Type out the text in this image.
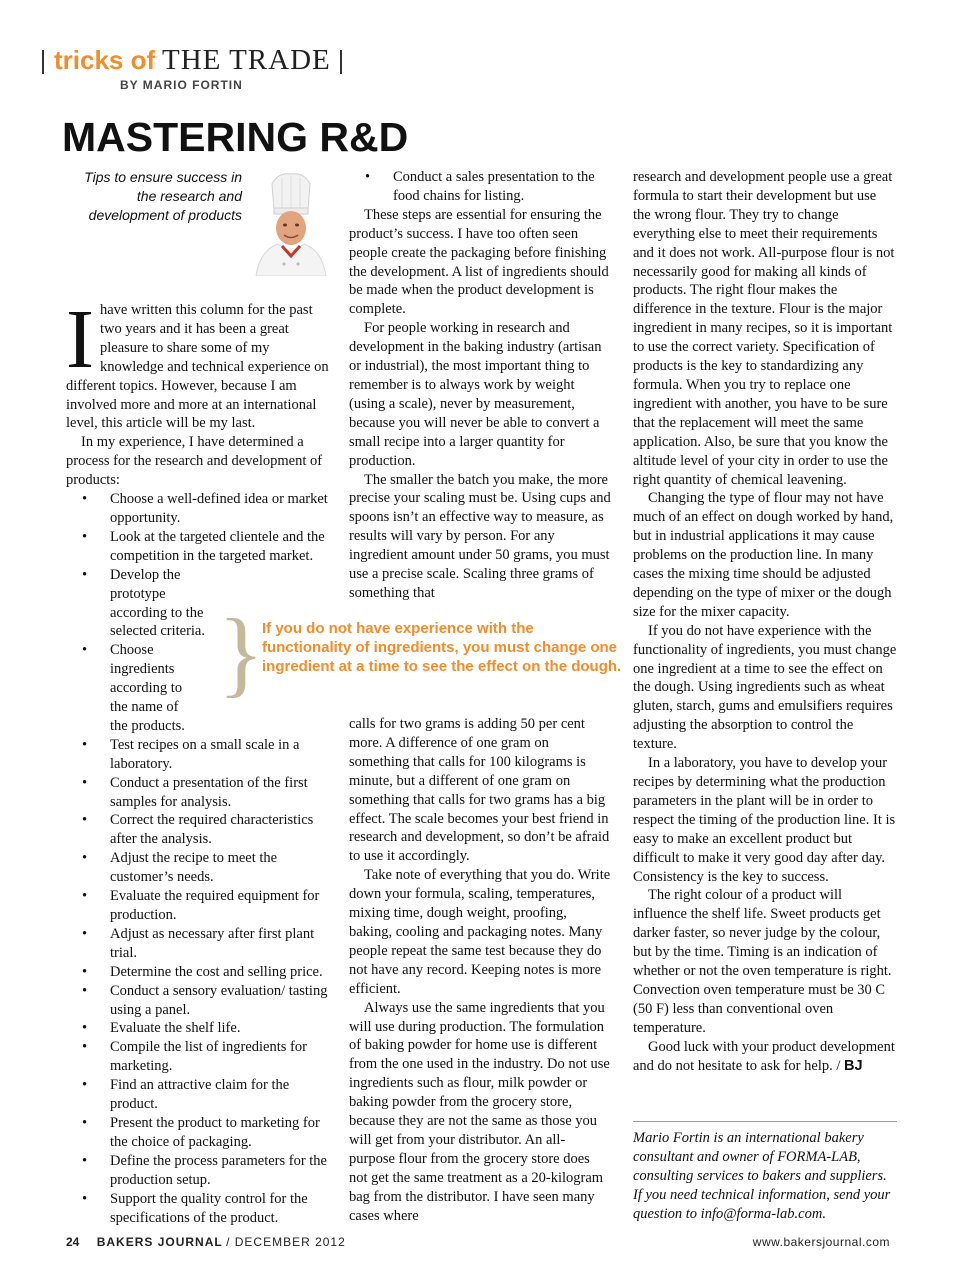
tricks of THE TRADE
BY MARIO FORTIN
MASTERING R&D
Tips to ensure success in the research and development of products
I have written this column for the past two years and it has been a great pleasure to share some of my knowledge and technical experience on different topics. However, because I am involved more and more at an international level, this article will be my last.

In my experience, I have determined a process for the research and development of products:

• Choose a well-defined idea or market opportunity.
• Look at the targeted clientele and the competition in the targeted market.
• Develop the prototype according to the selected criteria.
• Choose ingredients according to the name of the products.
• Test recipes on a small scale in a laboratory.
• Conduct a presentation of the first samples for analysis.
• Correct the required characteristics after the analysis.
• Adjust the recipe to meet the customer’s needs.
• Evaluate the required equipment for production.
• Adjust as necessary after first plant trial.
• Determine the cost and selling price.
• Conduct a sensory evaluation/ tasting using a panel.
• Evaluate the shelf life.
• Compile the list of ingredients for marketing.
• Find an attractive claim for the product.
• Present the product to marketing for the choice of packaging.
• Define the process parameters for the production setup.
• Support the quality control for the specifications of the product.
• Conduct a sales presentation to the food chains for listing.

These steps are essential for ensuring the product’s success. I have too often seen people create the packaging before finishing the development. A list of ingredients should be made when the product development is complete.

For people working in research and development in the baking industry (artisan or industrial), the most important thing to remember is to always work by weight (using a scale), never by measurement, because you will never be able to convert a small recipe into a larger quantity for production.

The smaller the batch you make, the more precise your scaling must be. Using cups and spoons isn’t an effective way to measure, as results will vary by person. For any ingredient amount under 50 grams, you must use a precise scale. Scaling three grams of something that

}
If you do not have experience with the functionality of ingredients, you must change one ingredient at a time to see the effect on the dough.

calls for two grams is adding 50 per cent more. A difference of one gram on something that calls for 100 kilograms is minute, but a different of one gram on something that calls for two grams has a big effect. The scale becomes your best friend in research and development, so don’t be afraid to use it accordingly.

Take note of everything that you do. Write down your formula, scaling, temperatures, mixing time, dough weight, proofing, baking, cooling and packaging notes. Many people repeat the same test because they do not have any record. Keeping notes is more efficient.

Always use the same ingredients that you will use during production. The formulation of baking powder for home use is different from the one used in the industry. Do not use ingredients such as flour, milk powder or baking powder from the grocery store, because they are not the same as those you will get from your distributor. An all-purpose flour from the grocery store does not get the same treatment as a 20-kilogram bag from the distributor. I have seen many cases where

research and development people use a great formula to start their development but use the wrong flour. They try to change everything else to meet their requirements and it does not work. All-purpose flour is not necessarily good for making all kinds of products. The right flour makes the difference in the texture. Flour is the major ingredient in many recipes, so it is important to use the correct variety. Specification of products is the key to standardizing any formula. When you try to replace one ingredient with another, you have to be sure that the replacement will meet the same application. Also, be sure that you know the altitude level of your city in order to use the right quantity of chemical leavening.

Changing the type of flour may not have much of an effect on dough worked by hand, but in industrial applications it may cause problems on the production line. In many cases the mixing time should be adjusted depending on the type of mixer or the dough size for the mixer capacity.

If you do not have experience with the functionality of ingredients, you must change one ingredient at a time to see the effect on the dough. Using ingredients such as wheat gluten, starch, gums and emulsifiers requires adjusting the absorption to control the texture.

In a laboratory, you have to develop your recipes by determining what the production parameters in the plant will be in order to respect the timing of the production line. It is easy to make an excellent product but difficult to make it very good day after day. Consistency is the key to success.

The right colour of a product will influence the shelf life. Sweet products get darker faster, so never judge by the colour, but by the time. Timing is an indication of whether or not the oven temperature is right. Convection oven temperature must be 30 C (50 F) less than conventional oven temperature.

Good luck with your product development and do not hesitate to ask for help. / BJ

Mario Fortin is an international bakery consultant and owner of FORMA-LAB, consulting services to bakers and suppliers. If you need technical information, send your question to info@forma-lab.com.

24 BAKERS JOURNAL / DECEMBER 2012	www.bakersjournal.com
